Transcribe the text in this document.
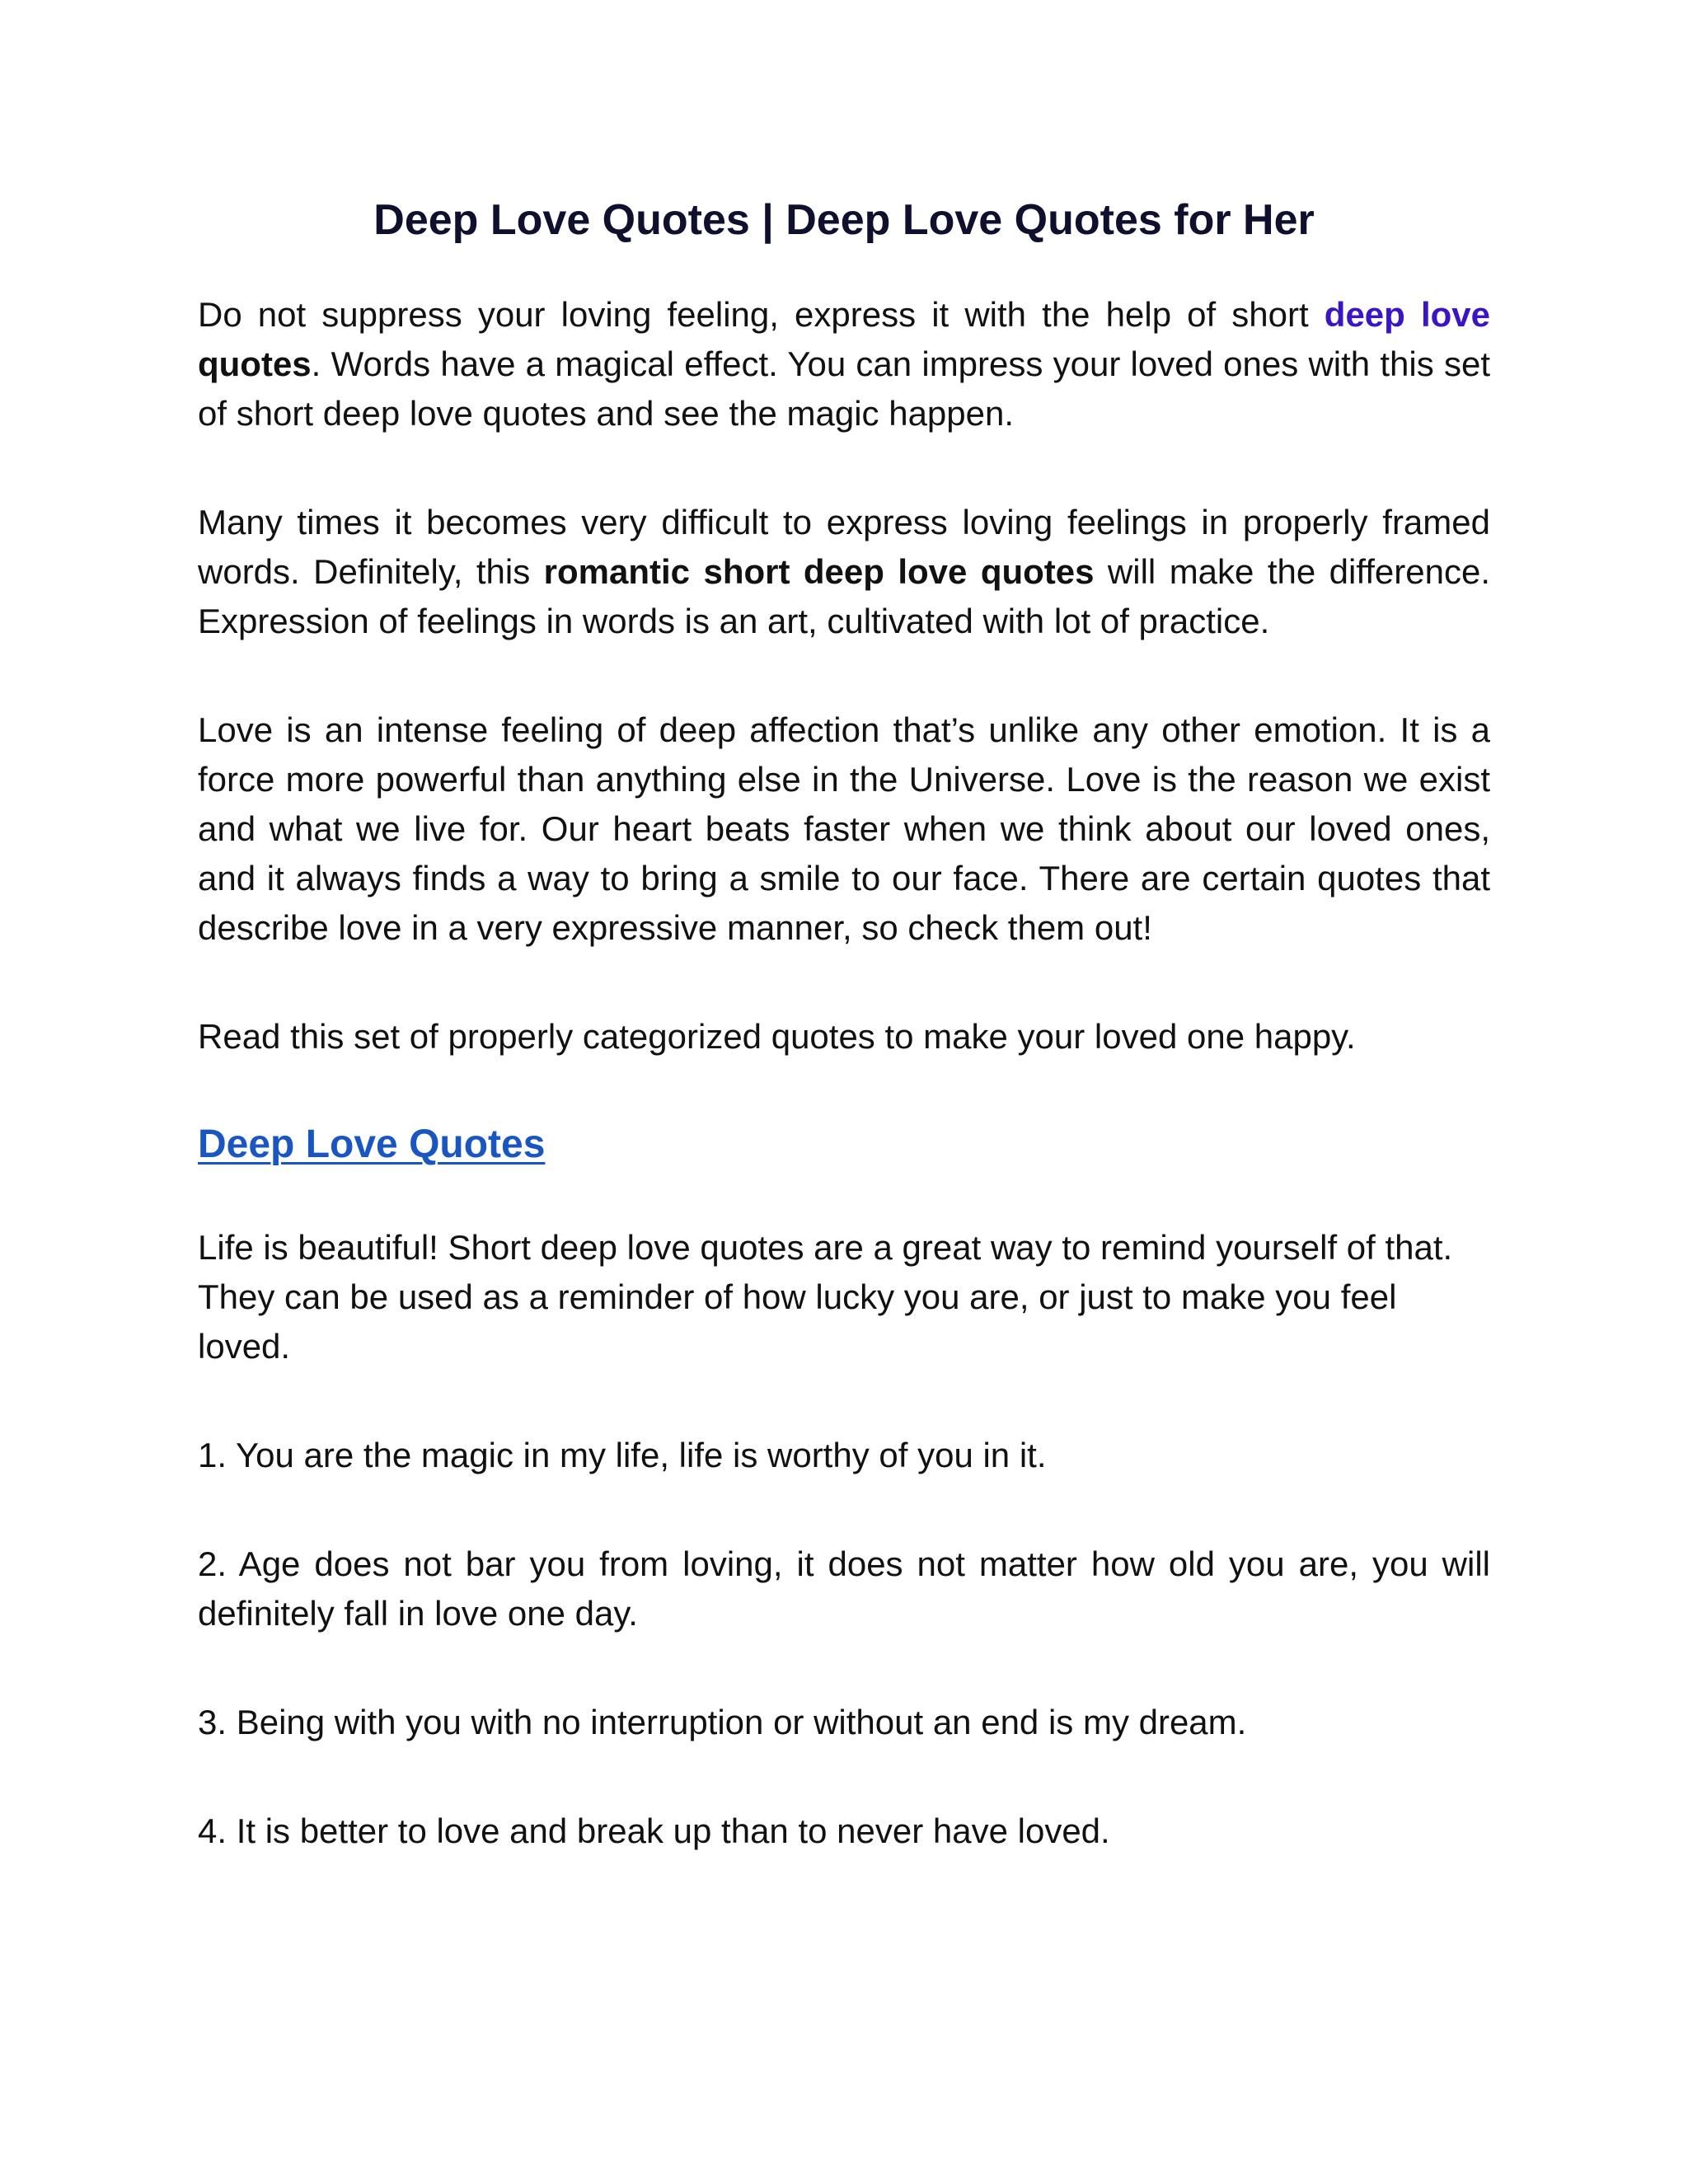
Deep Love Quotes | Deep Love Quotes for Her

Do not suppress your loving feeling, express it with the help of short deep love quotes. Words have a magical effect. You can impress your loved ones with this set of short deep love quotes and see the magic happen.

Many times it becomes very difficult to express loving feelings in properly framed words. Definitely, this romantic short deep love quotes will make the difference. Expression of feelings in words is an art, cultivated with lot of practice.

Love is an intense feeling of deep affection that’s unlike any other emotion. It is a force more powerful than anything else in the Universe. Love is the reason we exist and what we live for. Our heart beats faster when we think about our loved ones, and it always finds a way to bring a smile to our face. There are certain quotes that describe love in a very expressive manner, so check them out!

Read this set of properly categorized quotes to make your loved one happy.

Deep Love Quotes

Life is beautiful! Short deep love quotes are a great way to remind yourself of that. They can be used as a reminder of how lucky you are, or just to make you feel loved.

1. You are the magic in my life, life is worthy of you in it.

2. Age does not bar you from loving, it does not matter how old you are, you will definitely fall in love one day.

3. Being with you with no interruption or without an end is my dream.

4. It is better to love and break up than to never have loved.
